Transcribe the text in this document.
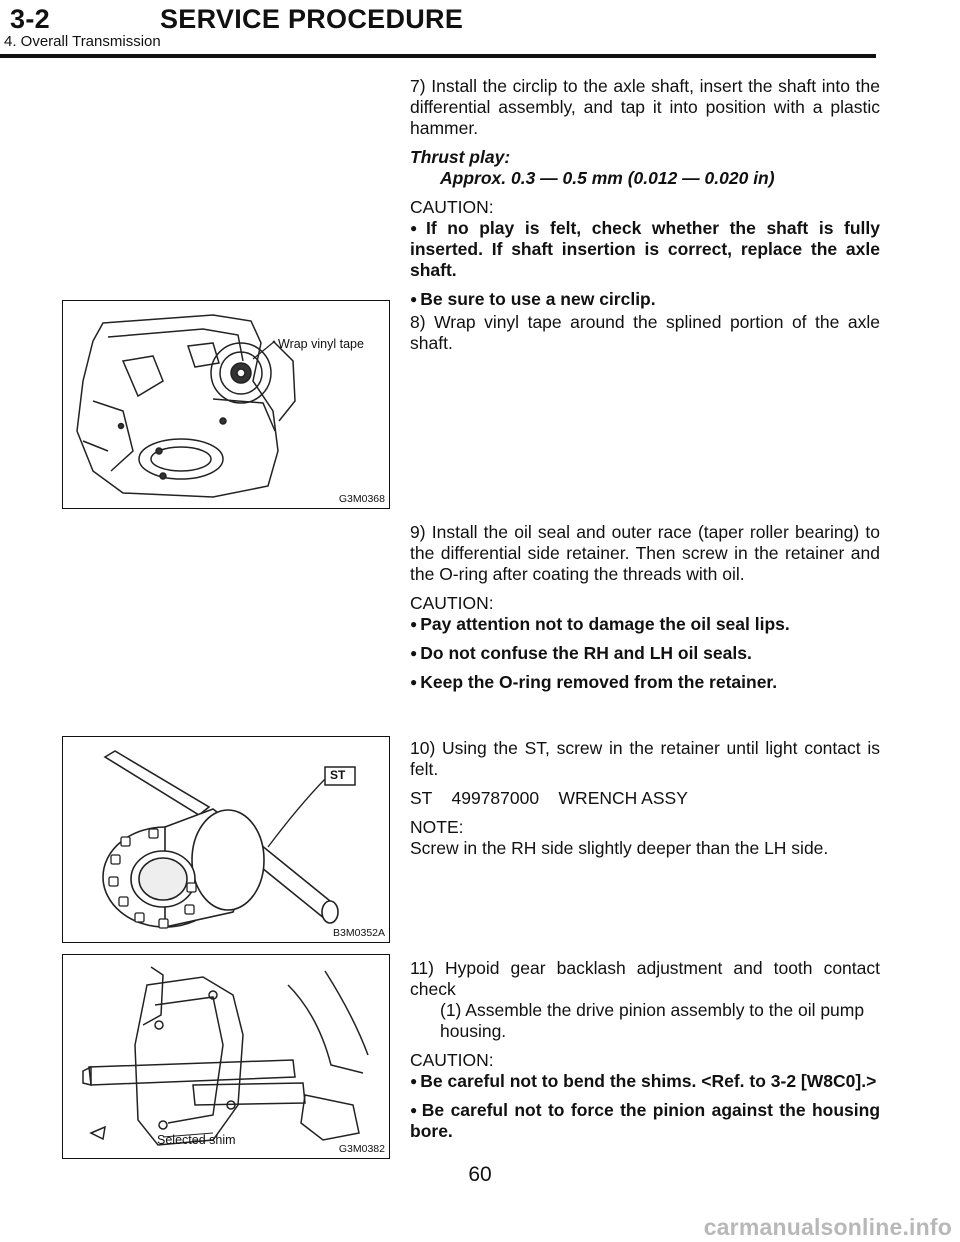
3-2	SERVICE PROCEDURE
4. Overall Transmission

7) Install the circlip to the axle shaft, insert the shaft into the differential assembly, and tap it into position with a plastic hammer.

Thrust play:

Approx. 0.3 — 0.5 mm (0.012 — 0.020 in)

CAUTION:

● If no play is felt, check whether the shaft is fully inserted. If shaft insertion is correct, replace the axle shaft.

● Be sure to use a new circlip.

Wrap vinyl tape
G3M0368

8) Wrap vinyl tape around the splined portion of the axle shaft.

9) Install the oil seal and outer race (taper roller bearing) to the differential side retainer. Then screw in the retainer and the O-ring after coating the threads with oil.

CAUTION:

● Pay attention not to damage the oil seal lips.

● Do not confuse the RH and LH oil seals.

● Keep the O-ring removed from the retainer.

ST
B3M0352A

10) Using the ST, screw in the retainer until light contact is felt.

ST    499787000    WRENCH ASSY

NOTE:

Screw in the RH side slightly deeper than the LH side.

Selected shim
G3M0382

11) Hypoid gear backlash adjustment and tooth contact check

(1) Assemble the drive pinion assembly to the oil pump housing.

CAUTION:

● Be careful not to bend the shims. <Ref. to 3-2 [W8C0].>

● Be careful not to force the pinion against the housing bore.

60
carmanualsonline.info
